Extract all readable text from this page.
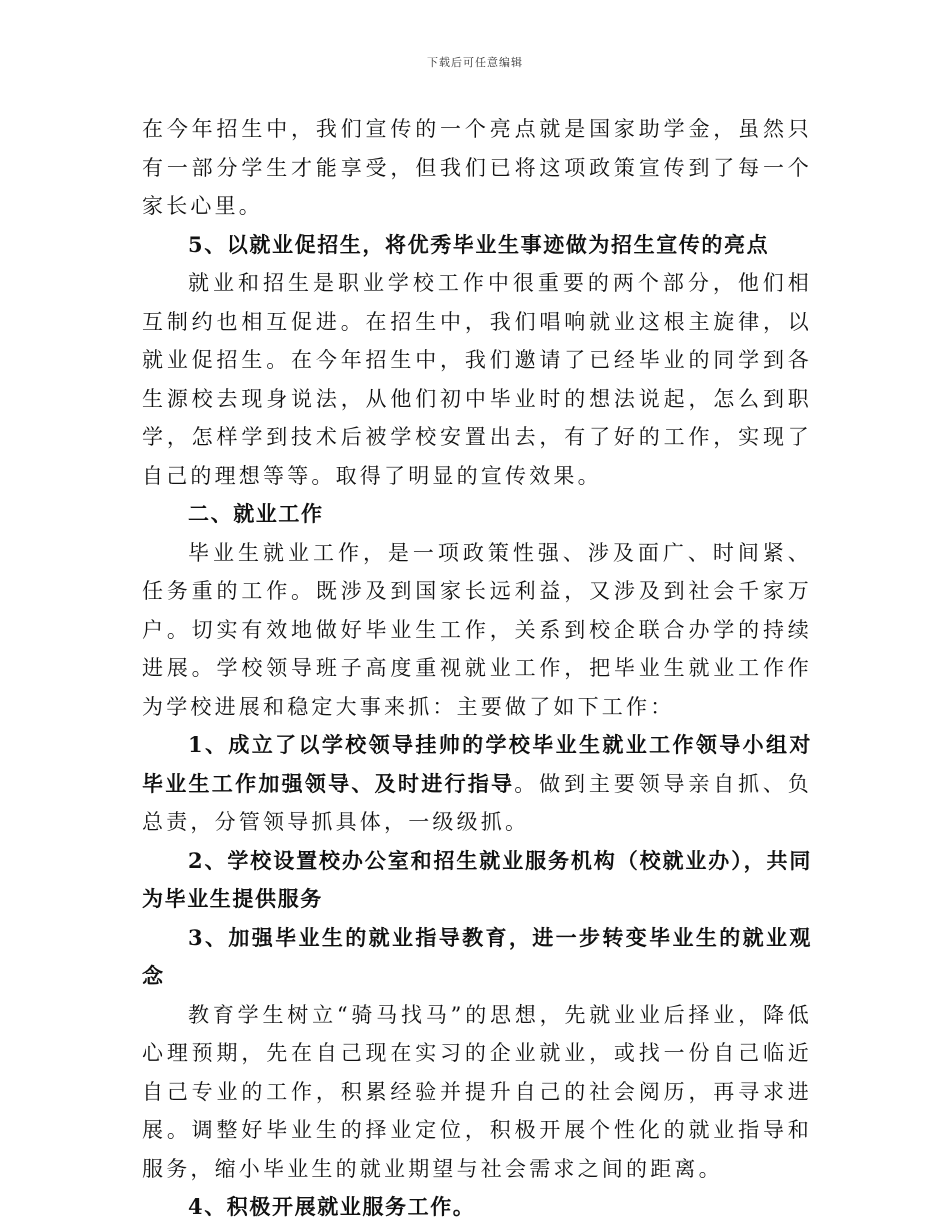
下载后可任意编辑

在今年招生中，我们宣传的一个亮点就是国家助学金，虽然只有一部分学生才能享受，但我们已将这项政策宣传到了每一个家长心里。

5、以就业促招生，将优秀毕业生事迹做为招生宣传的亮点

就业和招生是职业学校工作中很重要的两个部分，他们相互制约也相互促进。在招生中，我们唱响就业这根主旋律，以就业促招生。在今年招生中，我们邀请了已经毕业的同学到各生源校去现身说法，从他们初中毕业时的想法说起，怎么到职学，怎样学到技术后被学校安置出去，有了好的工作，实现了自己的理想等等。取得了明显的宣传效果。

二、就业工作

毕业生就业工作，是一项政策性强、涉及面广、时间紧、任务重的工作。既涉及到国家长远利益，又涉及到社会千家万户。切实有效地做好毕业生工作，关系到校企联合办学的持续进展。学校领导班子高度重视就业工作，把毕业生就业工作作为学校进展和稳定大事来抓：主要做了如下工作：

1、成立了以学校领导挂帅的学校毕业生就业工作领导小组对毕业生工作加强领导、及时进行指导。做到主要领导亲自抓、负总责，分管领导抓具体，一级级抓。

2、学校设置校办公室和招生就业服务机构（校就业办），共同为毕业生提供服务

3、加强毕业生的就业指导教育，进一步转变毕业生的就业观念

教育学生树立“骑马找马”的思想，先就业业后择业，降低心理预期，先在自己现在实习的企业就业，或找一份自己临近自己专业的工作，积累经验并提升自己的社会阅历，再寻求进展。调整好毕业生的择业定位，积极开展个性化的就业指导和服务，缩小毕业生的就业期望与社会需求之间的距离。

4、积极开展就业服务工作。
